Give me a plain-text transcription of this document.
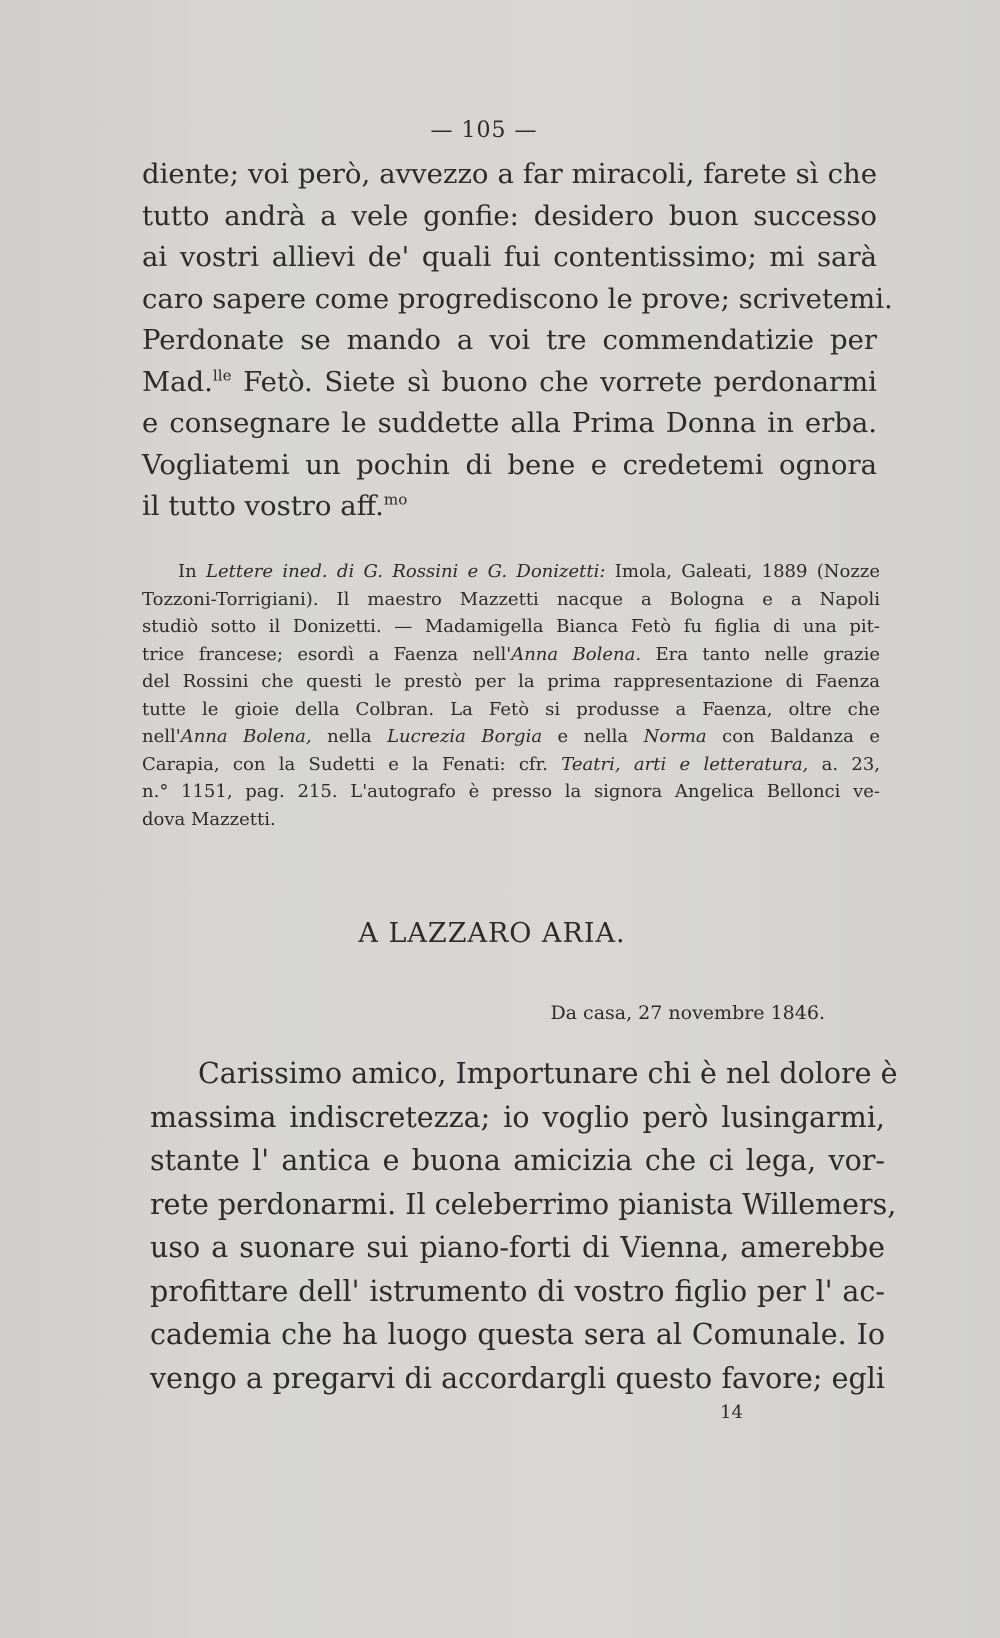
— 105 —
diente; voi però, avvezzo a far miracoli, farete sì che
tutto andrà a vele gonfie: desidero buon successo
ai vostri allievi de' quali fui contentissimo; mi sarà
caro sapere come progrediscono le prove; scrivetemi.
Perdonate se mando a voi tre commendatizie per
Mad.$^{lle}$ Fetò. Siete sì buono che vorrete perdonarmi
e consegnare le suddette alla Prima Donna in erba.
Vogliatemi un pochin di bene e credetemi ognora
il tutto vostro aff.$^{mo}$
In Lettere ined. di G. Rossini e G. Donizetti: Imola, Galeati, 1889 (Nozze
Tozzoni-Torrigiani). Il maestro Mazzetti nacque a Bologna e a Napoli
studiò sotto il Donizetti. — Madamigella Bianca Fetò fu figlia di una pit-
trice francese; esordì a Faenza nell'Anna Bolena. Era tanto nelle grazie
del Rossini che questi le prestò per la prima rappresentazione di Faenza
tutte le gioie della Colbran. La Fetò si produsse a Faenza, oltre che
nell'Anna Bolena, nella Lucrezia Borgia e nella Norma con Baldanza e
Carapia, con la Sudetti e la Fenati: cfr. Teatri, arti e letteratura, a. 23,
n.° 1151, pag. 215. L'autografo è presso la signora Angelica Bellonci ve-
dova Mazzetti.
A LAZZARO ARIA.
Da casa, 27 novembre 1846.
Carissimo amico, Importunare chi è nel dolore è
massima indiscretezza; io voglio però lusingarmi,
stante l' antica e buona amicizia che ci lega, vor-
rete perdonarmi. Il celeberrimo pianista Willemers,
uso a suonare sui piano-forti di Vienna, amerebbe
profittare dell' istrumento di vostro figlio per l' ac-
cademia che ha luogo questa sera al Comunale. Io
vengo a pregarvi di accordargli questo favore; egli
14
